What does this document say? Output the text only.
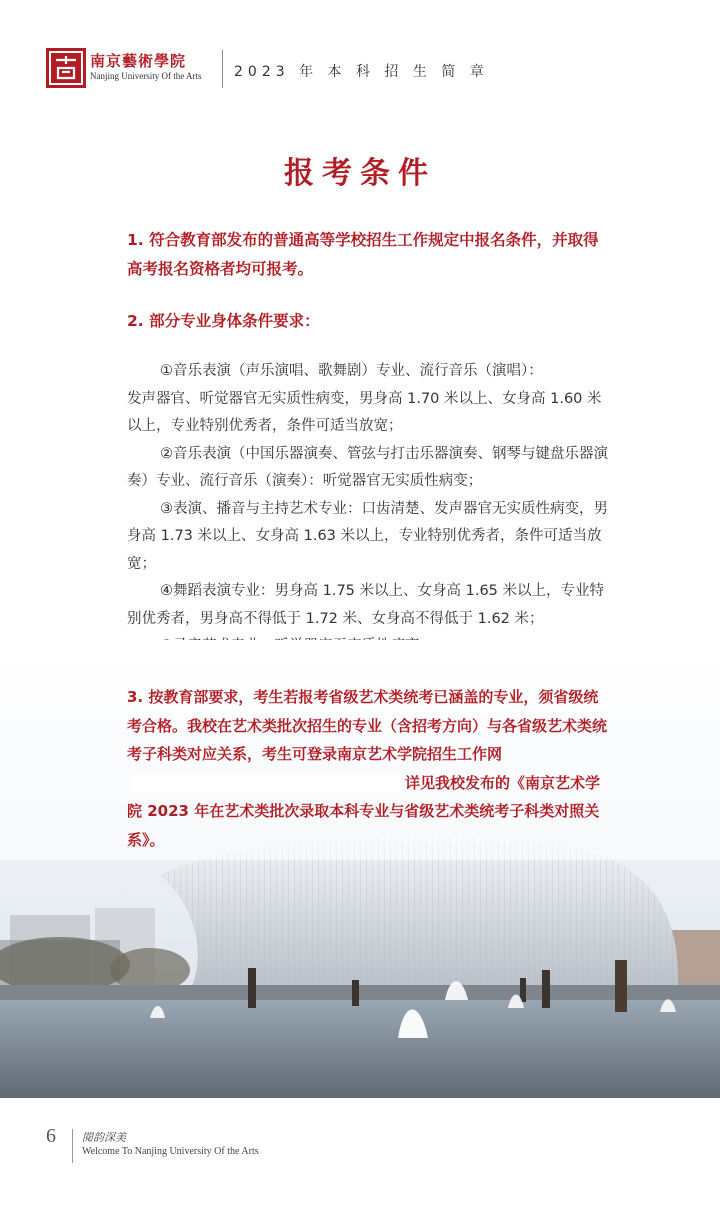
南京藝術學院
Nanjing University Of the Arts 2023 年 本 科 招 生 简 章
报考条件
1. 符合教育部发布的普通高等学校招生工作规定中报名条件，并取得高考报名资格者均可报考。
2. 部分专业身体条件要求：
①音乐表演（声乐演唱、歌舞剧）专业、流行音乐（演唱）：
发声器官、听觉器官无实质性病变，男身高 1.70 米以上、女身高 1.60 米以上，专业特别优秀者，条件可适当放宽；
②音乐表演（中国乐器演奏、管弦与打击乐器演奏、钢琴与键盘乐器演奏）专业、流行音乐（演奏）：听觉器官无实质性病变；
③表演、播音与主持艺术专业：口齿清楚、发声器官无实质性病变，男身高 1.73 米以上、女身高 1.63 米以上，专业特别优秀者，条件可适当放宽；
④舞蹈表演专业：男身高 1.75 米以上、女身高 1.65 米以上，专业特别优秀者，男身高不得低于 1.72 米、女身高不得低于 1.62 米；
3. 按教育部要求，考生若报考省级艺术类统考已涵盖的专业，须省级统考合格。我校在艺术类批次招生的专业（含招考方向）与各省级艺术类统考子科类对应关系，考生可登录南京艺术学院招生工作网详见我校发布的《南京艺术学院 2023 年在艺术类批次录取本科专业与省级艺术类统考子科类对照关系》。
6 閱韵深美
Welcome To Nanjing University Of the Arts
